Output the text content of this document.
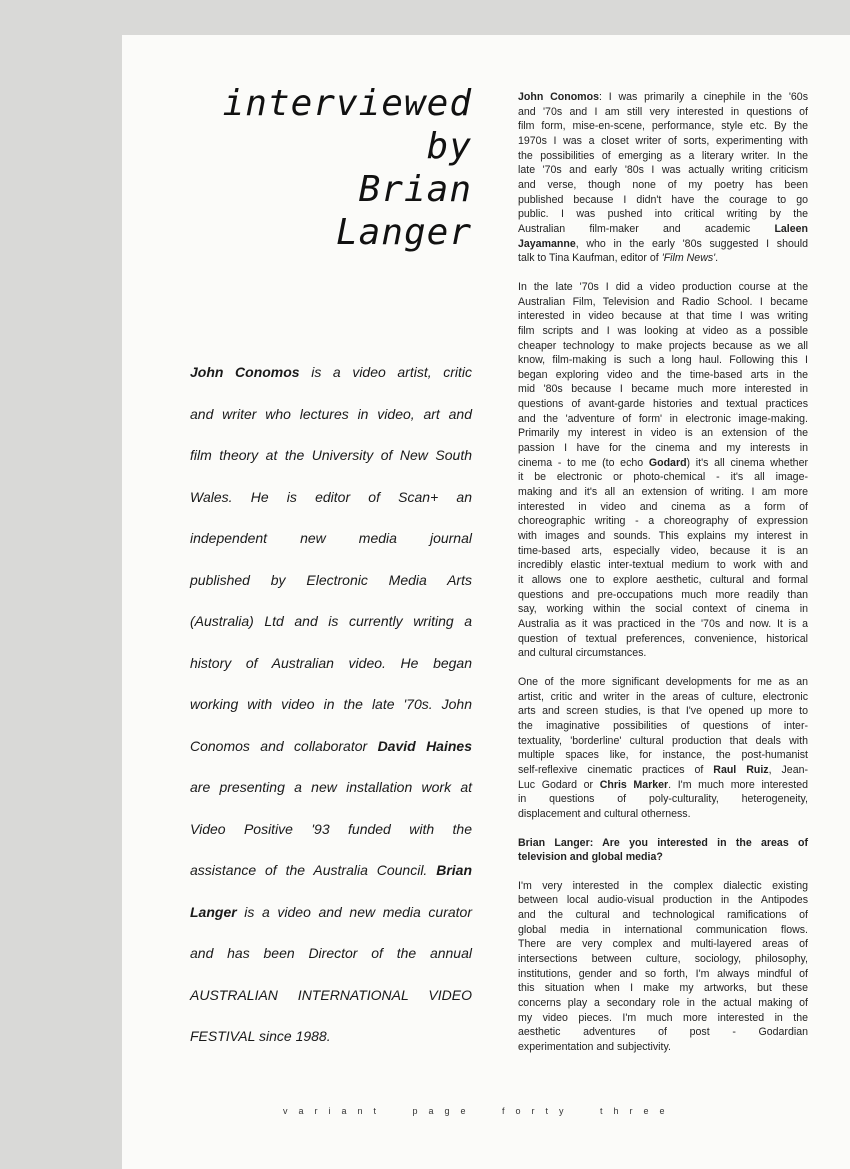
interviewed
by
Brian
Langer
John Conomos is a video artist, critic
and writer who lectures in video, art and
film theory at the University of New South
Wales. He is editor of Scan+ an
independent new media journal
published by Electronic Media Arts
(Australia) Ltd and is currently writing a
history of Australian video. He began
working with video in the late '70s. John
Conomos and collaborator David Haines
are presenting a new installation work at
Video Positive '93 funded with the
assistance of the Australia Council. Brian
Langer is a video and new media curator
and has been Director of the annual
AUSTRALIAN INTERNATIONAL VIDEO
FESTIVAL since 1988.
John Conomos: I was primarily a cinephile in the '60s
and '70s and I am still very interested in questions of
film form, mise-en-scene, performance, style etc. By the
1970s I was a closet writer of sorts, experimenting with
the possibilities of emerging as a literary writer. In the
late '70s and early '80s I was actually writing criticism
and verse, though none of my poetry has been
published because I didn't have the courage to go
public. I was pushed into critical writing by the
Australian film-maker and academic Laleen
Jayamanne, who in the early '80s suggested I should
talk to Tina Kaufman, editor of 'Film News'.
In the late '70s I did a video production course at the
Australian Film, Television and Radio School. I became
interested in video because at that time I was writing
film scripts and I was looking at video as a possible
cheaper technology to make projects because as we all
know, film-making is such a long haul. Following this I
began exploring video and the time-based arts in the
mid '80s because I became much more interested in
questions of avant-garde histories and textual practices
and the 'adventure of form' in electronic image-making.
Primarily my interest in video is an extension of the
passion I have for the cinema and my interests in
cinema - to me (to echo Godard) it's all cinema whether
it be electronic or photo-chemical - it's all image-
making and it's all an extension of writing. I am more
interested in video and cinema as a form of
choreographic writing - a choreography of expression
with images and sounds. This explains my interest in
time-based arts, especially video, because it is an
incredibly elastic inter-textual medium to work with and
it allows one to explore aesthetic, cultural and formal
questions and pre-occupations much more readily than
say, working within the social context of cinema in
Australia as it was practiced in the '70s and now. It is a
question of textual preferences, convenience, historical
and cultural circumstances.
One of the more significant developments for me as an
artist, critic and writer in the areas of culture, electronic
arts and screen studies, is that I've opened up more to
the imaginative possibilities of questions of inter-
textuality, 'borderline' cultural production that deals with
multiple spaces like, for instance, the post-humanist
self-reflexive cinematic practices of Raul Ruiz, Jean-
Luc Godard or Chris Marker. I'm much more interested
in questions of poly-culturality, heterogeneity,
displacement and cultural otherness.
Brian Langer: Are you interested in the areas of
television and global media?
I'm very interested in the complex dialectic existing
between local audio-visual production in the Antipodes
and the cultural and technological ramifications of
global media in international communication flows.
There are very complex and multi-layered areas of
intersections between culture, sociology, philosophy,
institutions, gender and so forth, I'm always mindful of
this situation when I make my artworks, but these
concerns play a secondary role in the actual making of
my video pieces. I'm much more interested in the
aesthetic adventures of post - Godardian
experimentation and subjectivity.
variant page forty three
